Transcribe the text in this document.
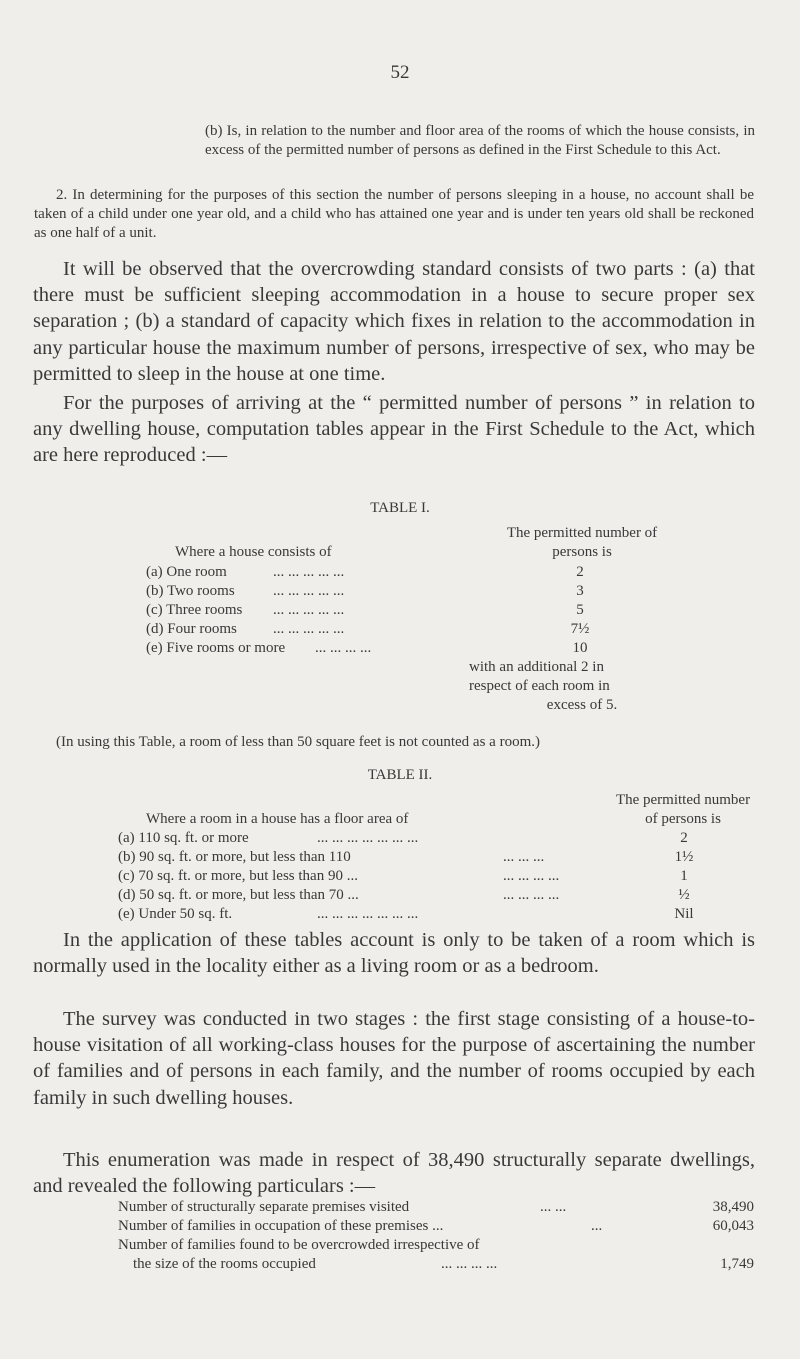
52
(b) Is, in relation to the number and floor area of the rooms of which the house consists, in excess of the permitted number of persons as defined in the First Schedule to this Act.
2. In determining for the purposes of this section the number of persons sleeping in a house, no account shall be taken of a child under one year old, and a child who has attained one year and is under ten years old shall be reckoned as one half of a unit.
It will be observed that the overcrowding standard consists of two parts : (a) that there must be sufficient sleeping accommodation in a house to secure proper sex separation ; (b) a standard of capacity which fixes in relation to the accommodation in any particular house the maximum number of persons, irrespective of sex, who may be permitted to sleep in the house at one time.
For the purposes of arriving at the “ permitted number of persons ” in relation to any dwelling house, computation tables appear in the First Schedule to the Act, which are here reproduced :—
TABLE I.
The permitted number of
Where a house consists of	persons is
(a) One room	... ... ... ... ...	2
(b) Two rooms	... ... ... ... ...	3
(c) Three rooms ... ... ... ... ...	5
(d) Four rooms ... ... ... ... ...	7½
(e) Five rooms or more ... ... ... ...	10
with an additional 2 in
respect of each room in
excess of 5.
(In using this Table, a room of less than 50 square feet is not counted as a room.)
TABLE II.
The permitted number
Where a room in a house has a floor area of	of persons is
(a) 110 sq. ft. or more	... ... ... ... ... ... ...	2
(b) 90 sq. ft. or more, but less than 110	... ... ...	1½
(c) 70 sq. ft. or more, but less than 90 ...	... ... ... ...	1
(d) 50 sq. ft. or more, but less than 70 ...	... ... ... ...	½
(e) Under 50 sq. ft.	... ... ... ... ... ... ...	Nil
In the application of these tables account is only to be taken of a room which is normally used in the locality either as a living room or as a bedroom.
The survey was conducted in two stages : the first stage consisting of a house-to-house visitation of all working-class houses for the purpose of ascertaining the number of families and of persons in each family, and the number of rooms occupied by each family in such dwelling houses.
This enumeration was made in respect of 38,490 structurally separate dwellings, and revealed the following particulars :—
Number of structurally separate premises visited	... ...	38,490
Number of families in occupation of these premises ...	...	60,043
Number of families found to be overcrowded irrespective of
the size of the rooms occupied	... ... ... ...	1,749
